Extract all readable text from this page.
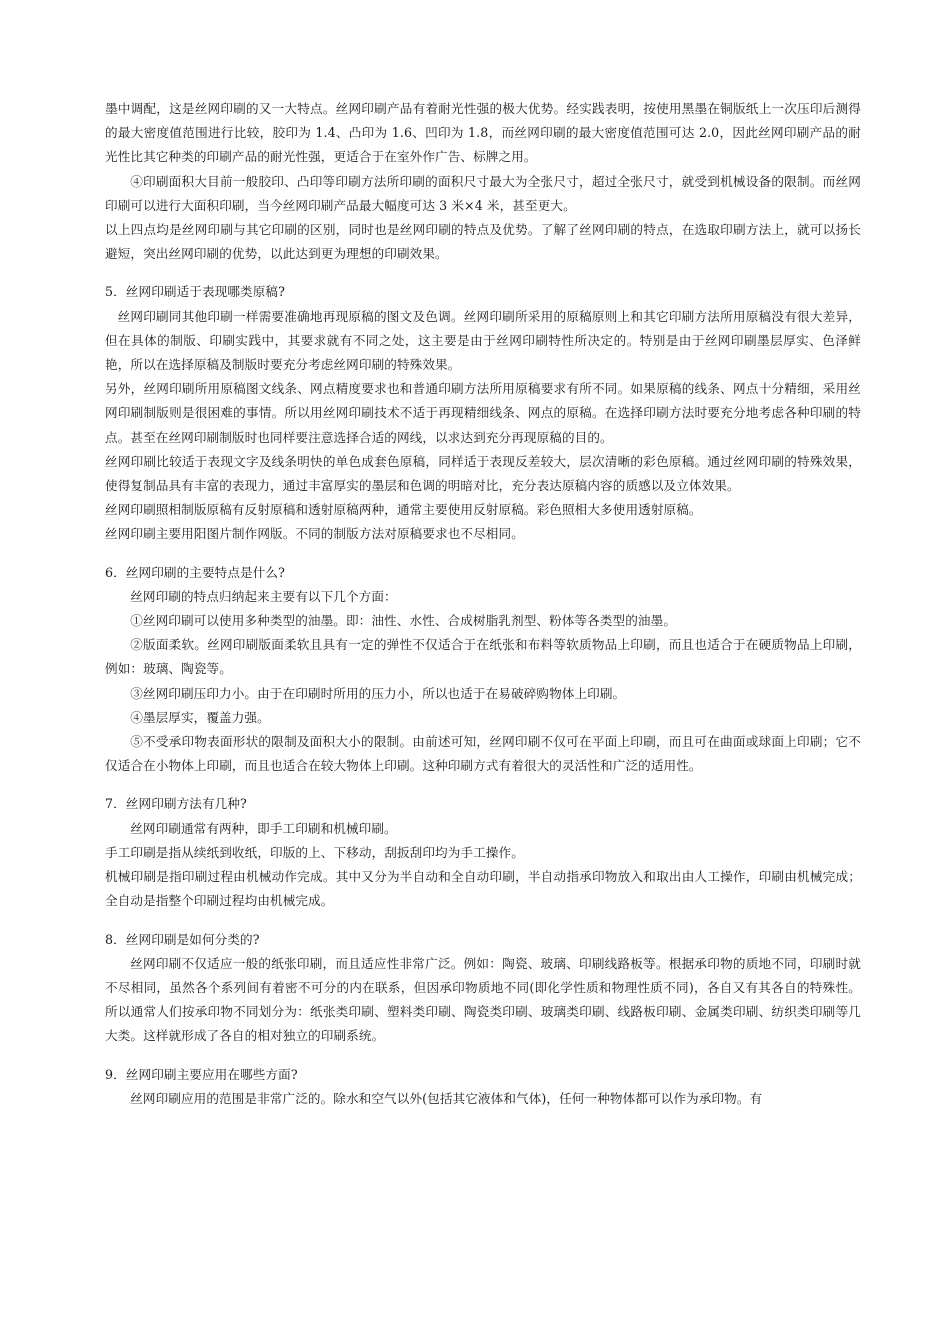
墨中调配，这是丝网印刷的又一大特点。丝网印刷产品有着耐光性强的极大优势。经实践表明，按使用黑墨在铜版纸上一次压印后测得的最大密度值范围进行比较，胶印为 1.4、凸印为 1.6、凹印为 1.8，而丝网印刷的最大密度值范围可达 2.0，因此丝网印刷产品的耐光性比其它种类的印刷产品的耐光性强，更适合于在室外作广告、标牌之用。

④印刷面积大目前一般胶印、凸印等印刷方法所印刷的面积尺寸最大为全张尺寸，超过全张尺寸，就受到机械设备的限制。而丝网印刷可以进行大面积印刷，当今丝网印刷产品最大幅度可达 3 米×4 米，甚至更大。

以上四点均是丝网印刷与其它印刷的区别，同时也是丝网印刷的特点及优势。了解了丝网印刷的特点，在选取印刷方法上，就可以扬长避短，突出丝网印刷的优势，以此达到更为理想的印刷效果。

5．丝网印刷适于表现哪类原稿?

丝网印刷同其他印刷一样需要准确地再现原稿的图文及色调。丝网印刷所采用的原稿原则上和其它印刷方法所用原稿没有很大差异，但在具体的制版、印刷实践中，其要求就有不同之处，这主要是由于丝网印刷特性所决定的。特别是由于丝网印刷墨层厚实、色泽鲜艳，所以在选择原稿及制版时要充分考虑丝网印刷的特殊效果。

另外，丝网印刷所用原稿图文线条、网点精度要求也和普通印刷方法所用原稿要求有所不同。如果原稿的线条、网点十分精细，采用丝网印刷制版则是很困难的事情。所以用丝网印刷技术不适于再现精细线条、网点的原稿。在选择印刷方法时要充分地考虑各种印刷的特点。甚至在丝网印刷制版时也同样要注意选择合适的网线，以求达到充分再现原稿的目的。

丝网印刷比较适于表现文字及线条明快的单色成套色原稿，同样适于表现反差较大，层次清晰的彩色原稿。通过丝网印刷的特殊效果，使得复制品具有丰富的表现力，通过丰富厚实的墨层和色调的明暗对比，充分表达原稿内容的质感以及立体效果。

丝网印刷照相制版原稿有反射原稿和透射原稿两种，通常主要使用反射原稿。彩色照相大多使用透射原稿。

丝网印刷主要用阳图片制作网版。不同的制版方法对原稿要求也不尽相同。

6．丝网印刷的主要特点是什么?

丝网印刷的特点归纳起来主要有以下几个方面：

①丝网印刷可以使用多种类型的油墨。即：油性、水性、合成树脂乳剂型、粉体等各类型的油墨。

②版面柔软。丝网印刷版面柔软且具有一定的弹性不仅适合于在纸张和布料等软质物品上印刷，而且也适合于在硬质物品上印刷，例如：玻璃、陶瓷等。

③丝网印刷压印力小。由于在印刷时所用的压力小，所以也适于在易破碎购物体上印刷。

④墨层厚实，覆盖力强。

⑤不受承印物表面形状的限制及面积大小的限制。由前述可知，丝网印刷不仅可在平面上印刷，而且可在曲面或球面上印刷；它不仅适合在小物体上印刷，而且也适合在较大物体上印刷。这种印刷方式有着很大的灵活性和广泛的适用性。

7．丝网印刷方法有几种?

丝网印刷通常有两种，即手工印刷和机械印刷。

手工印刷是指从续纸到收纸，印版的上、下移动，刮扳刮印均为手工操作。

机械印刷是指印刷过程由机械动作完成。其中又分为半自动和全自动印刷，半自动指承印物放入和取出由人工操作，印刷由机械完成；全自动是指整个印刷过程均由机械完成。

8．丝网印刷是如何分类的?

丝网印刷不仅适应一般的纸张印刷，而且适应性非常广泛。例如：陶瓷、玻璃、印刷线路板等。根据承印物的质地不同，印刷时就不尽相同，虽然各个系列间有着密不可分的内在联系，但因承印物质地不同(即化学性质和物理性质不同)，各自又有其各自的特殊性。所以通常人们按承印物不同划分为：纸张类印刷、塑料类印刷、陶瓷类印刷、玻璃类印刷、线路板印刷、金属类印刷、纺织类印刷等几大类。这样就形成了各自的相对独立的印刷系统。

9．丝网印刷主要应用在哪些方面?

丝网印刷应用的范围是非常广泛的。除水和空气以外(包括其它液体和气体)，任何一种物体都可以作为承印物。有
